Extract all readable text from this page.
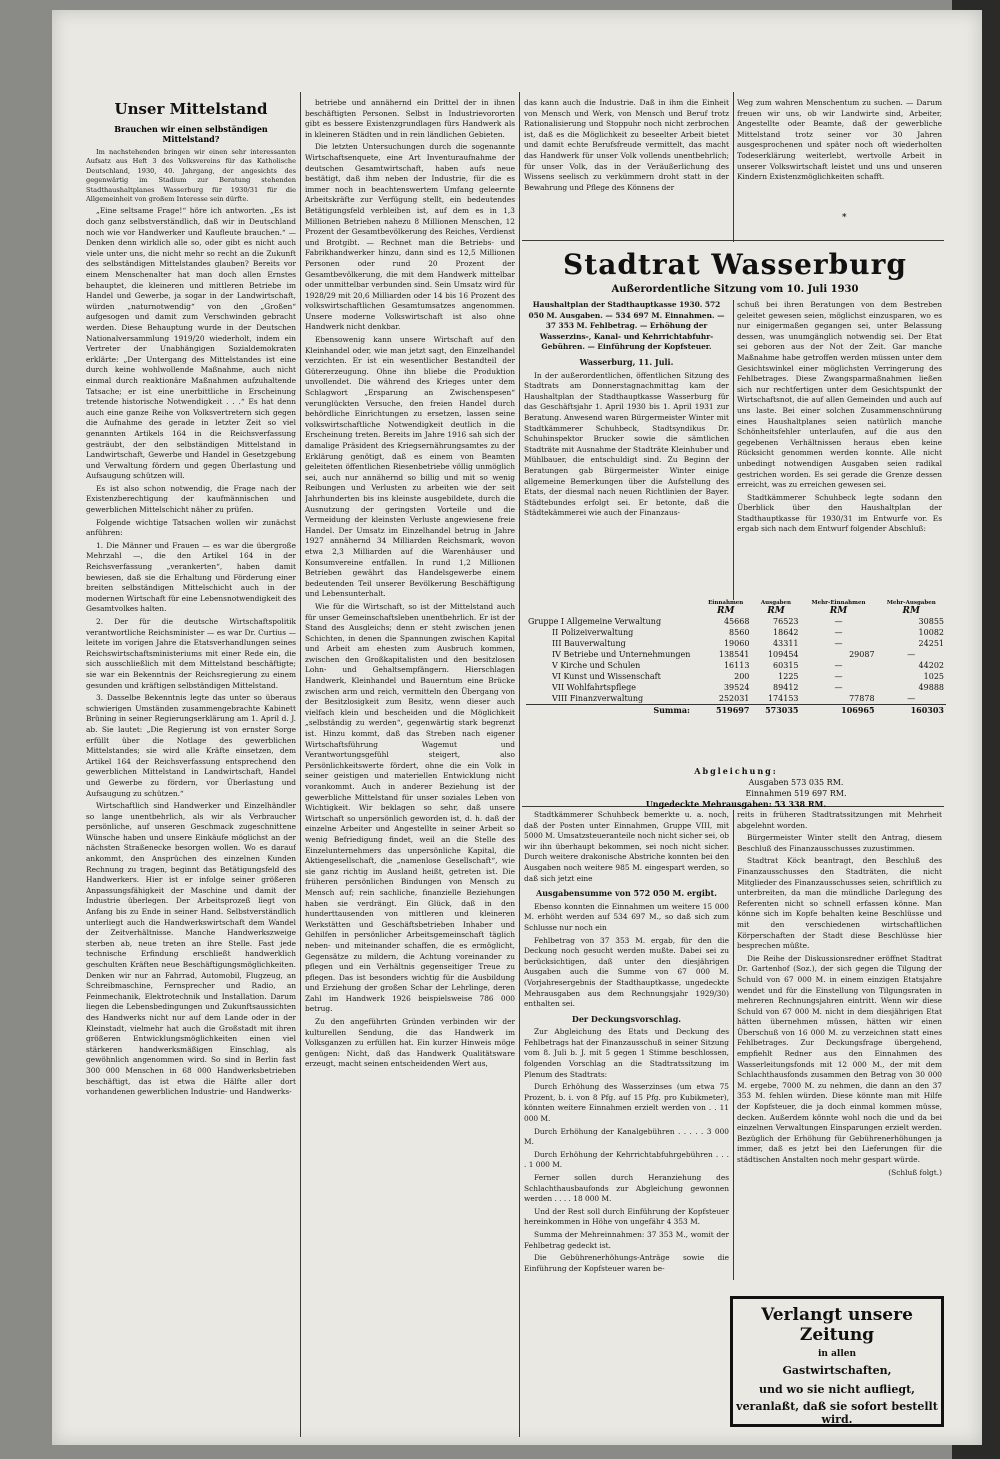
Unser Mittelstand
Brauchen wir einen selbständigen Mittelstand?

Im nachstehenden bringen wir einen sehr interessanten Aufsatz aus Heft 3 des Volksvereins für das Katholische Deutschland, 1930, 40. Jahrgang, der angesichts des gegenwärtig im Stadium zur Beratung stehenden Stadthaushaltplanes Wasserburg für 1930/31 für die Allgemeinheit von großem Interesse sein dürfte.

„Eine seltsame Frage!“ höre ich antworten. „Es ist doch ganz selbstverständlich, daß wir in Deutschland noch wie vor Handwerker und Kaufleute brauchen.“ — Denken denn wirklich alle so, oder gibt es nicht auch viele unter uns, die nicht mehr so recht an die Zukunft des selbständigen Mittelstandes glauben? Bereits vor einem Menschenalter hat man doch allen Ernstes behauptet, die kleineren und mittleren Betriebe im Handel und Gewerbe, ja sogar in der Landwirtschaft, würden „naturnotwendig“ von den „Großen“ aufgesogen und damit zum Verschwinden gebracht werden. Diese Behauptung wurde in der Deutschen Nationalversammlung 1919/20 wiederholt, indem ein Vertreter der Unabhängigen Sozialdemokraten erklärte: „Der Untergang des Mittelstandes ist eine durch keine wohlwollende Maßnahme, auch nicht einmal durch reaktionäre Maßnahmen aufzuhaltende Tatsache; er ist eine unerbittliche in Erscheinung tretende historische Notwendigkeit . . .“ Es hat denn auch eine ganze Reihe von Volksvertretern sich gegen die Aufnahme des gerade in letzter Zeit so viel genannten Artikels 164 in die Reichsverfassung gesträubt, der den selbständigen Mittelstand in Landwirtschaft, Gewerbe und Handel in Gesetzgebung und Verwaltung fördern und gegen Überlastung und Aufsaugung schützen will.

Es ist also schon notwendig, die Frage nach der Existenzberechtigung der kaufmännischen und gewerblichen Mittelschicht näher zu prüfen.

Folgende wichtige Tatsachen wollen wir zunächst anführen:

1. Die Männer und Frauen — es war die übergroße Mehrzahl —, die den Artikel 164 in der Reichsverfassung „verankerten“, haben damit bewiesen, daß sie die Erhaltung und Förderung einer breiten selbständigen Mittelschicht auch in der modernen Wirtschaft für eine Lebensnotwendigkeit des Gesamtvolkes halten.

2. Der für die deutsche Wirtschaftspolitik verantwortliche Reichsminister — es war Dr. Curtius — leitete im vorigen Jahre die Etatsverhandlungen seines Reichswirtschaftsministeriums mit einer Rede ein, die sich ausschließlich mit dem Mittelstand beschäftigte; sie war ein Bekenntnis der Reichsregierung zu einem gesunden und kräftigen selbständigen Mittelstand.

3. Dasselbe Bekenntnis legte das unter so überaus schwierigen Umständen zusammengebrachte Kabinett Brüning in seiner Regierungserklärung am 1. April d. J. ab. Sie lautet: „Die Regierung ist von ernster Sorge erfüllt über die Notlage des gewerblichen Mittelstandes; sie wird alle Kräfte einsetzen, dem Artikel 164 der Reichsverfassung entsprechend den gewerblichen Mittelstand in Landwirtschaft, Handel und Gewerbe zu fördern, vor Überlastung und Aufsaugung zu schützen.“

Wirtschaftlich sind Handwerker und Einzelhändler so lange unentbehrlich, als wir als Verbraucher persönliche, auf unseren Geschmack zugeschnittene Wünsche haben und unsere Einkäufe möglichst an der nächsten Straßenecke besorgen wollen. Wo es darauf ankommt, den Ansprüchen des einzelnen Kunden Rechnung zu tragen, beginnt das Betätigungsfeld des Handwerkers. Hier ist er infolge seiner größeren Anpassungsfähigkeit der Maschine und damit der Industrie überlegen. Der Arbeitsprozeß liegt von Anfang bis zu Ende in seiner Hand. Selbstverständlich unterliegt auch die Handwerkswirtschaft dem Wandel der Zeitverhältnisse. Manche Handwerkszweige sterben ab, neue treten an ihre Stelle. Fast jede technische Erfindung erschließt handwerklich geschulten Kräften neue Beschäftigungsmöglichkeiten. Denken wir nur an Fahrrad, Automobil, Flugzeug, an Schreibmaschine, Fernsprecher und Radio, an Feinmechanik, Elektrotechnik und Installation. Darum liegen die Lebensbedingungen und Zukunftsaussichten des Handwerks nicht nur auf dem Lande oder in der Kleinstadt, vielmehr hat auch die Großstadt mit ihren größeren Entwicklungsmöglichkeiten einen viel stärkeren handwerksmäßigen Einschlag, als gewöhnlich angenommen wird. So sind in Berlin fast 300 000 Menschen in 68 000 Handwerksbetrieben beschäftigt, das ist etwa die Hälfte aller dort vorhandenen gewerblichen Industrie- und Handwerks-

betriebe und annähernd ein Drittel der in ihnen beschäftigten Personen. Selbst in Industrievororten gibt es bessere Existenzgrundlagen fürs Handwerk als in kleineren Städten und in rein ländlichen Gebieten.

Die letzten Untersuchungen durch die sogenannte Wirtschaftsenquete, eine Art Inventuraufnahme der deutschen Gesamtwirtschaft, haben aufs neue bestätigt, daß ihm neben der Industrie, für die es immer noch in beachtenswertem Umfang geleernte Arbeitskräfte zur Verfügung stellt, ein bedeutendes Betätigungsfeld verbleiben ist, auf dem es in 1,3 Millionen Betrieben nahezu 8 Millionen Menschen, 12 Prozent der Gesamtbevölkerung des Reiches, Verdienst und Brotgibt. — Rechnet man die Betriebs- und Fabrikhandwerker hinzu, dann sind es 12,5 Millionen Personen oder rund 20 Prozent der Gesamtbevölkerung, die mit dem Handwerk mittelbar oder unmittelbar verbunden sind. Sein Umsatz wird für 1928/29 mit 20,6 Milliarden oder 14 bis 16 Prozent des volkswirtschaftlichen Gesamtumsatzes angenommen. Unsere moderne Volkswirtschaft ist also ohne Handwerk nicht denkbar.

Ebensowenig kann unsere Wirtschaft auf den Kleinhandel oder, wie man jetzt sagt, den Einzelhandel verzichten. Er ist ein wesentlicher Bestandteil der Gütererzeugung. Ohne ihn bliebe die Produktion unvollendet. Die während des Krieges unter dem Schlagwort „Ersparung an Zwischenspesen“ verunglückten Versuche, den freien Handel durch behördliche Einrichtungen zu ersetzen, lassen seine volkswirtschaftliche Notwendigkeit deutlich in die Erscheinung treten. Bereits im Jahre 1916 sah sich der damalige Präsident des Kriegsernährungsamtes zu der Erklärung genötigt, daß es einem von Beamten geleiteten öffentlichen Riesenbetriebe völlig unmöglich sei, auch nur annähernd so billig und mit so wenig Reibungen und Verlusten zu arbeiten wie der seit Jahrhunderten bis ins kleinste ausgebildete, durch die Ausnutzung der geringsten Vorteile und die Vermeidung der kleinsten Verluste angewiesene freie Handel. Der Umsatz im Einzelhandel betrug in Jahre 1927 annähernd 34 Milliarden Reichsmark, wovon etwa 2,3 Milliarden auf die Warenhäuser und Konsumvereine entfallen. In rund 1,2 Millionen Betrieben gewährt das Handelsgewerbe einem bedeutenden Teil unserer Bevölkerung Beschäftigung und Lebensunterhalt.

Wie für die Wirtschaft, so ist der Mittelstand auch für unser Gemeinschaftsleben unentbehrlich. Er ist der Stand des Ausgleichs; denn er steht zwischen jenen Schichten, in denen die Spannungen zwischen Kapital und Arbeit am ehesten zum Ausbruch kommen, zwischen den Großkapitalisten und den besitzlosen Lohn- und Gehaltsempfängern. Hierschlagen Handwerk, Kleinhandel und Bauerntum eine Brücke zwischen arm und reich, vermitteln den Übergang von der Besitzlosigkeit zum Besitz, wenn dieser auch vielfach klein und bescheiden und die Möglichkeit „selbständig zu werden“, gegenwärtig stark begrenzt ist. Hinzu kommt, daß das Streben nach eigener Wirtschaftsführung Wagemut und Verantwortungsgefühl steigert, also Persönlichkeitswerte fördert, ohne die ein Volk in seiner geistigen und materiellen Entwicklung nicht vorankommt. Auch in anderer Beziehung ist der gewerbliche Mittelstand für unser soziales Leben von Wichtigkeit. Wir beklagen so sehr, daß unsere Wirtschaft so unpersönlich geworden ist, d. h. daß der einzelne Arbeiter und Angestellte in seiner Arbeit so wenig Befriedigung findet, weil an die Stelle des Einzelunternehmers das unpersönliche Kapital, die Aktiengesellschaft, die „namenlose Gesellschaft“, wie sie ganz richtig im Ausland heißt, getreten ist. Die früheren persönlichen Bindungen von Mensch zu Mensch auf; rein sachliche, finanzielle Beziehungen haben sie verdrängt. Ein Glück, daß in den hunderttausenden von mittleren und kleineren Werkstätten und Geschäftsbetrieben Inhaber und Gehilfen in persönlicher Arbeitsgemeinschaft täglich neben- und miteinander schaffen, die es ermöglicht, Gegensätze zu mildern, die Achtung voreinander zu pflegen und ein Verhältnis gegenseitiger Treue zu pflegen. Das ist besonders wichtig für die Ausbildung und Erziehung der großen Schar der Lehrlinge, deren Zahl im Handwerk 1926 beispielsweise 786 000 betrug.

Zu den angeführten Gründen verbinden wir der kulturellen Sendung, die das Handwerk im Volksganzen zu erfüllen hat. Ein kurzer Hinweis möge genügen: Nicht, daß das Handwerk Qualitätsware erzeugt, macht seinen entscheidenden Wert aus,

das kann auch die Industrie. Daß in ihm die Einheit von Mensch und Werk, von Mensch und Beruf trotz Rationalisierung und Stoppuhr noch nicht zerbrochen ist, daß es die Möglichkeit zu beseelter Arbeit bietet und damit echte Berufsfreude vermittelt, das macht das Handwerk für unser Volk vollends unentbehrlich; für unser Volk, das in der Veräußerlichung des Wissens seelisch zu verkümmern droht statt in der Bewahrung und Pflege des Könnens der

Weg zum wahren Menschentum zu suchen. — Darum freuen wir uns, ob wir Landwirte sind, Arbeiter, Angestellte oder Beamte, daß der gewerbliche Mittelstand trotz seiner vor 30 Jahren ausgesprochenen und später noch oft wiederholten Todeserklärung weiterlebt, wertvolle Arbeit in unserer Volkswirtschaft leistet und uns und unseren Kindern Existenzmöglichkeiten schafft.

*
Stadtrat Wasserburg
Außerordentliche Sitzung vom 10. Juli 1930

Haushaltplan der Stadthauptkasse 1930. 572 050 M. Ausgaben. — 534 697 M. Einnahmen. — 37 353 M. Fehlbetrag. — Erhöhung der Wasserzins-, Kanal- und Kehrrichtabfuhr-Gebühren. — Einführung der Kopfsteuer.

Wasserburg, 11. Juli.

In der außerordentlichen, öffentlichen Sitzung des Stadtrats am Donnerstagnachmittag kam der Haushaltplan der Stadthauptkasse Wasserburg für das Geschäftsjahr 1. April 1930 bis 1. April 1931 zur Beratung. Anwesend waren Bürgermeister Winter mit Stadtkämmerer Schuhbeck, Stadtsyndikus Dr. Schuhinspektor Brucker sowie die sämtlichen Stadträte mit Ausnahme der Stadträte Kleinhuber und Mühlbauer, die entschuldigt sind. Zu Beginn der Beratungen gab Bürgermeister Winter einige allgemeine Bemerkungen über die Aufstellung des Etats, der diesmal nach neuen Richtlinien der Bayer. Städtebundes erfolgt sei. Er betonte, daß die Städtekämmerei wie auch der Finanzaus-

schuß bei ihren Beratungen von dem Bestreben geleitet gewesen seien, möglichst einzusparen, wo es nur einigermaßen gegangen sei, unter Belassung dessen, was unumgänglich notwendig sei. Der Etat sei geboren aus der Not der Zeit. Gar manche Maßnahme habe getroffen werden müssen unter dem Gesichtswinkel einer möglichsten Verringerung des Fehlbetrages. Diese Zwangsparmaßnahmen ließen sich nur rechtfertigen unter dem Gesichtspunkt der Wirtschaftsnot, die auf allen Gemeinden und auch auf uns laste. Bei einer solchen Zusammenschnürung eines Haushaltplanes seien natürlich manche Schönheitsfehler unterlaufen, auf die aus den gegebenen Verhältnissen heraus eben keine Rücksicht genommen werden konnte. Alle nicht unbedingt notwendigen Ausgaben seien radikal gestrichen worden. Es sei gerade die Grenze dessen erreicht, was zu erreichen gewesen sei.

Stadtkämmerer Schuhbeck legte sodann den Überblick über den Haushaltplan der Stadthauptkasse für 1930/31 im Entwurfe vor. Es ergab sich nach dem Entwurf folgender Abschluß:

	Einnahmen	Ausgaben	Mehr-Einnahmen	Mehr-Ausgaben
	RM	RM	RM	RM
Gruppe I Allgemeine Verwaltung	45668	76523	—	30855
II Polizeiverwaltung	8560	18642	—	10082
III Bauverwaltung	19060	43311	—	24251
IV Betriebe und Unternehmungen	138541	109454	29087	—
V Kirche und Schulen	16113	60315	—	44202
VI Kunst und Wissenschaft	200	1225	—	1025
VII Wohlfahrtspflege	39524	89412	—	49888
VIII Finanzverwaltung	252031	174153	77878	—
Summa:	519697	573035	106965	160303
Abgleichung:
Ausgaben 573 035 RM.
Einnahmen 519 697 RM.
Ungedeckte Mehrausgaben: 53 338 RM.

Stadtkämmerer Schuhbeck bemerkte u. a. noch, daß der Posten unter Einnahmen, Gruppe VIII, mit 5000 M. Umsatzsteueranteile noch nicht sicher sei, ob wir ihn überhaupt bekommen, sei noch nicht sicher. Durch weitere drakonische Abstriche konnten bei den Ausgaben noch weitere 985 M. eingespart werden, so daß sich jetzt eine

Ausgabensumme von 572 050 M. ergibt.

Ebenso konnten die Einnahmen um weitere 15 000 M. erhöht werden auf 534 697 M., so daß sich zum Schlusse nur noch ein

Fehlbetrag von 37 353 M. ergab, für den die Deckung noch gesucht werden mußte. Dabei sei zu berücksichtigen, daß unter den diesjährigen Ausgaben auch die Summe von 67 000 M. (Vorjahresergebnis der Stadthauptkasse, ungedeckte Mehrausgaben aus dem Rechnungsjahr 1929/30) enthalten sei.

Der Deckungsvorschlag.

Zur Abgleichung des Etats und Deckung des Fehlbetrags hat der Finanzausschuß in seiner Sitzung vom 8. Juli b. J. mit 5 gegen 1 Stimme beschlossen, folgenden Vorschlag an die Stadtratssitzung im Plenum des Stadtrats:

Durch Erhöhung des Wasserzinses (um etwa 75 Prozent, b. i. von 8 Pfg. auf 15 Pfg. pro Kubikmeter), könnten weitere Einnahmen erzielt werden von . . 11 000 M.

Durch Erhöhung der Kanalgebühren . . . . . 3 000 M.

Durch Erhöhung der Kehrrichtabfuhrgebühren . . . . 1 000 M.

Ferner sollen durch Heranziehung des Schlachthausbaufonds zur Abgleichung gewonnen werden . . . . 18 000 M.

Und der Rest soll durch Einführung der Kopfsteuer hereinkommen in Höhe von ungefähr 4 353 M.

Summa der Mehreinnahmen: 37 353 M., womit der Fehlbetrag gedeckt ist.

Die Gebührenerhöhungs-Anträge sowie die Einführung der Kopfsteuer waren be-

reits in früheren Stadtratssitzungen mit Mehrheit abgelehnt worden.

Bürgermeister Winter stellt den Antrag, diesem Beschluß des Finanzausschusses zuzustimmen.

Stadtrat Köck beantragt, den Beschluß des Finanzausschusses den Stadträten, die nicht Mitglieder des Finanzausschusses seien, schriftlich zu unterbreiten, da man die mündliche Darlegung des Referenten nicht so schnell erfassen könne. Man könne sich im Kopfe behalten keine Beschlüsse und mit den verschiedenen wirtschaftlichen Körperschaften der Stadt diese Beschlüsse hier besprechen müßte.

Die Reihe der Diskussionsredner eröffnet Stadtrat Dr. Gartenhof (Soz.), der sich gegen die Tilgung der Schuld von 67 000 M. in einem einzigen Etatsjahre wendet und für die Einstellung von Tilgungsraten in mehreren Rechnungsjahren eintritt. Wenn wir diese Schuld von 67 000 M. nicht in dem diesjährigen Etat hätten übernehmen müssen, hätten wir einen Überschuß von 16 000 M. zu verzeichnen statt eines Fehlbetrages. Zur Deckungsfrage übergehend, empfiehlt Redner aus den Einnahmen des Wasserleitungsfonds mit 12 000 M., der mit dem Schlachthausfonds zusammen den Betrag von 30 000 M. ergebe, 7000 M. zu nehmen, die dann an den 37 353 M. fehlen würden. Diese könnte man mit Hilfe der Kopfsteuer, die ja doch einmal kommen müsse, decken. Außerdem könnte wohl noch die und da bei einzelnen Verwaltungen Einsparungen erzielt werden. Bezüglich der Erhöhung für Gebührenerhöhungen ja immer, daß es jetzt bei den Lieferungen für die städtischen Anstalten noch mehr gespart würde.

(Schluß folgt.)

Verlangt unsere Zeitung
in allen
Gastwirtschaften,
und wo sie nicht aufliegt,
veranlaßt, daß sie sofort bestellt wird.
